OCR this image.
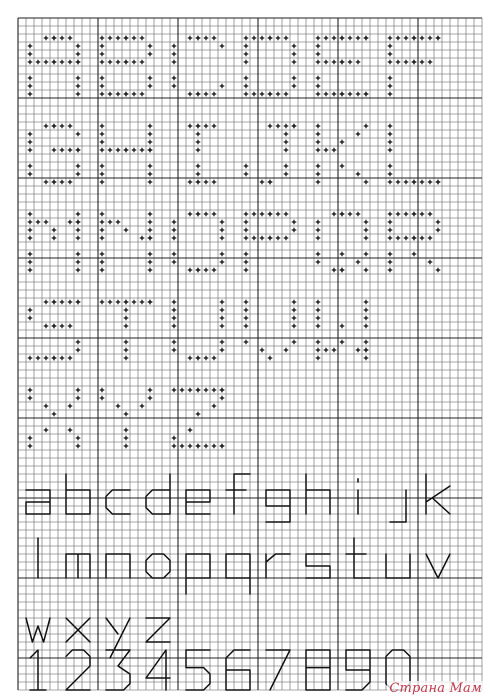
Страна Мам
